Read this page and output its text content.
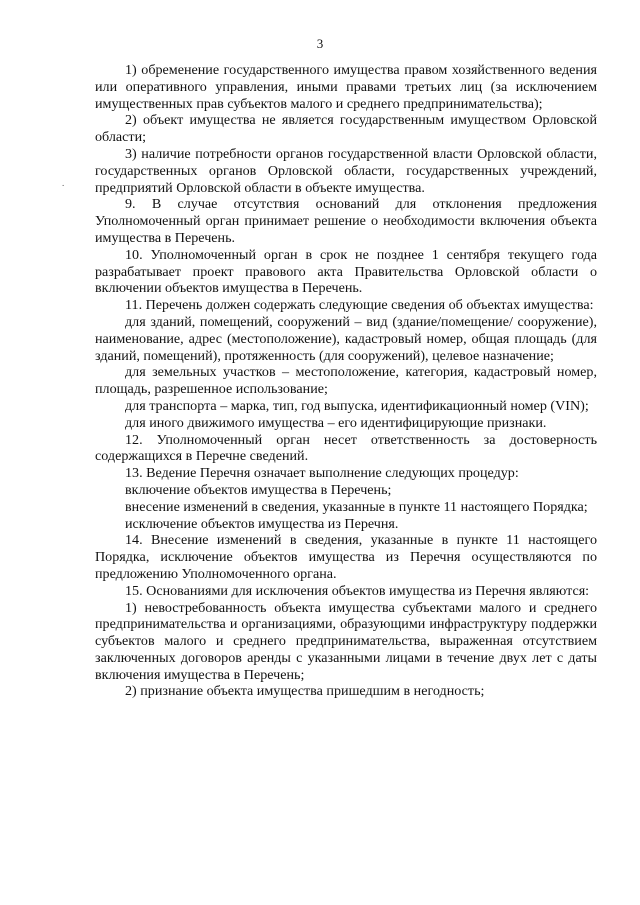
3
.

1) обременение государственного имущества правом хозяйственного ведения или оперативного управления, иными правами третьих лиц (за исключением имущественных прав субъектов малого и среднего предпринимательства);

2) объект имущества не является государственным имуществом Орловской области;

3) наличие потребности органов государственной власти Орловской области, государственных органов Орловской области, государственных учреждений, предприятий Орловской области в объекте имущества.

9. В случае отсутствия оснований для отклонения предложения Уполномоченный орган принимает решение о необходимости включения объекта имущества в Перечень.

10. Уполномоченный орган в срок не позднее 1 сентября текущего года разрабатывает проект правового акта Правительства Орловской области о включении объектов имущества в Перечень.

11. Перечень должен содержать следующие сведения об объектах имущества:

для зданий, помещений, сооружений – вид (здание/помещение/ сооружение), наименование, адрес (местоположение), кадастровый номер, общая площадь (для зданий, помещений), протяженность (для сооружений), целевое назначение;

для земельных участков – местоположение, категория, кадастровый номер, площадь, разрешенное использование;

для транспорта – марка, тип, год выпуска, идентификационный номер (VIN);

для иного движимого имущества – его идентифицирующие признаки.

12. Уполномоченный орган несет ответственность за достоверность содержащихся в Перечне сведений.

13. Ведение Перечня означает выполнение следующих процедур:

включение объектов имущества в Перечень;

внесение изменений в сведения, указанные в пункте 11 настоящего Порядка;

исключение объектов имущества из Перечня.

14. Внесение изменений в сведения, указанные в пункте 11 настоящего Порядка, исключение объектов имущества из Перечня осуществляются по предложению Уполномоченного органа.

15. Основаниями для исключения объектов имущества из Перечня являются:

1) невостребованность объекта имущества субъектами малого и среднего предпринимательства и организациями, образующими инфраструктуру поддержки субъектов малого и среднего предпринимательства, выраженная отсутствием заключенных договоров аренды с указанными лицами в течение двух лет с даты включения имущества в Перечень;

2) признание объекта имущества пришедшим в негодность;
